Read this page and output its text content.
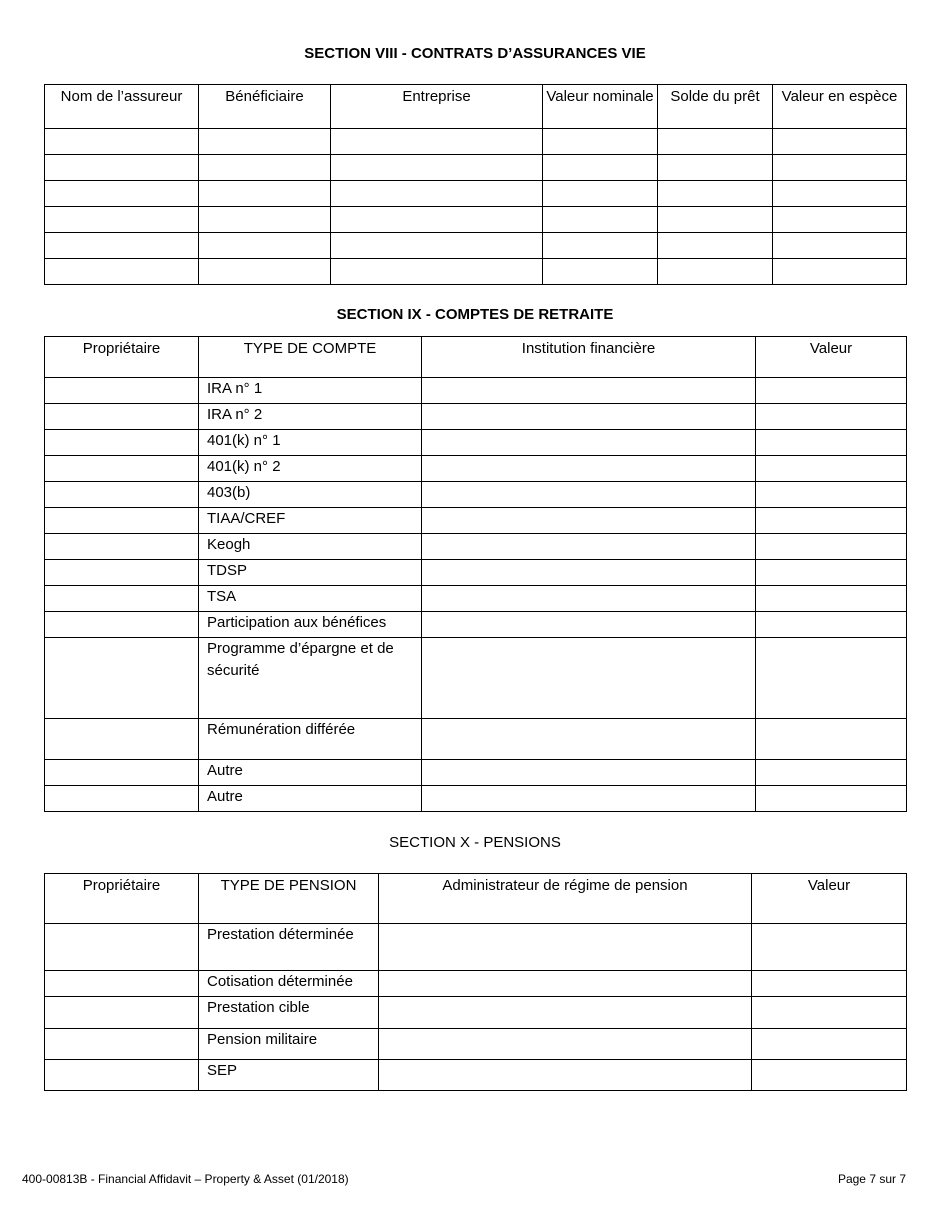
SECTION VIII - CONTRATS D’ASSURANCES VIE
Nom de l’assureur	Bénéficiaire	Entreprise	Valeur nominale	Solde du prêt	Valeur en espèce

SECTION IX - COMPTES DE RETRAITE
Propriétaire	TYPE DE COMPTE	Institution financière	Valeur
	IRA n° 1		
	IRA n° 2		
	401(k) n° 1		
	401(k) n° 2		
	403(b)		
	TIAA/CREF		
	Keogh		
	TDSP		
	TSA		
	Participation aux bénéfices		
	Programme d’épargne et de sécurité		
	Rémunération différée		
	Autre		
	Autre		
SECTION X - PENSIONS
Propriétaire	TYPE DE PENSION	Administrateur de régime de pension	Valeur
	Prestation déterminée		
	Cotisation déterminée		
	Prestation cible		
	Pension militaire		
	SEP		
400-00813B - Financial Affidavit – Property & Asset (01/2018)	Page 7 sur 7
